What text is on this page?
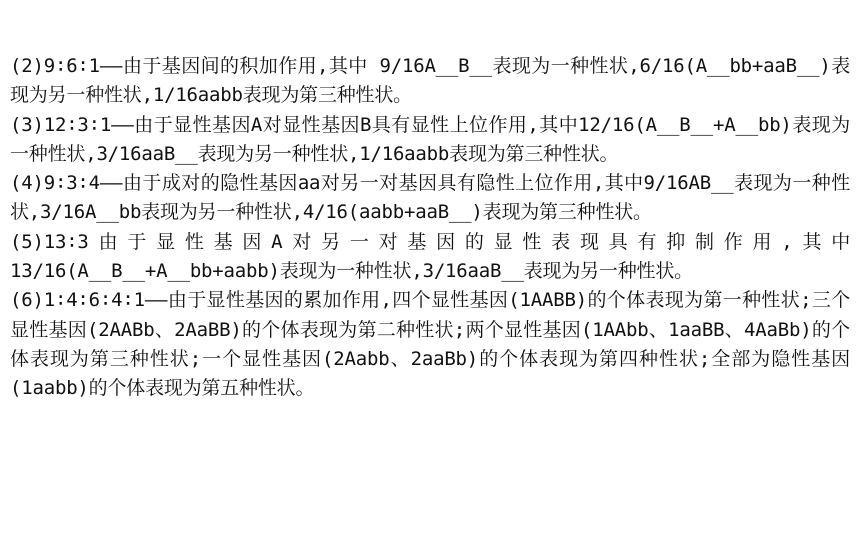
(2)9∶6∶1——由于基因间的积加作用,其中 9/16A__B__表现为一种性状,6/16(A__bb+aaB__)表现为另一种性状,1/16aabb表现为第三种性状。

(3)12∶3∶1——由于显性基因A对显性基因B具有显性上位作用,其中12/16(A__B__+A__bb)表现为一种性状,3/16aaB__表现为另一种性状,1/16aabb表现为第三种性状。

(4)9∶3∶4——由于成对的隐性基因aa对另一对基因具有隐性上位作用,其中9/16AB__表现为一种性状,3/16A__bb表现为另一种性状,4/16(aabb+aaB__)表现为第三种性状。

(5)13∶3由于显性基因A对另一对基因的显性表现具有抑制作用,其中13/16(A__B__+A__bb+aabb)表现为一种性状,3/16aaB__表现为另一种性状。

(6)1∶4∶6∶4∶1——由于显性基因的累加作用,四个显性基因(1AABB)的个体表现为第一种性状;三个显性基因(2AABb、2AaBB)的个体表现为第二种性状;两个显性基因(1AAbb、1aaBB、4AaBb)的个体表现为第三种性状;一个显性基因(2Aabb、2aaBb)的个体表现为第四种性状;全部为隐性基因(1aabb)的个体表现为第五种性状。
